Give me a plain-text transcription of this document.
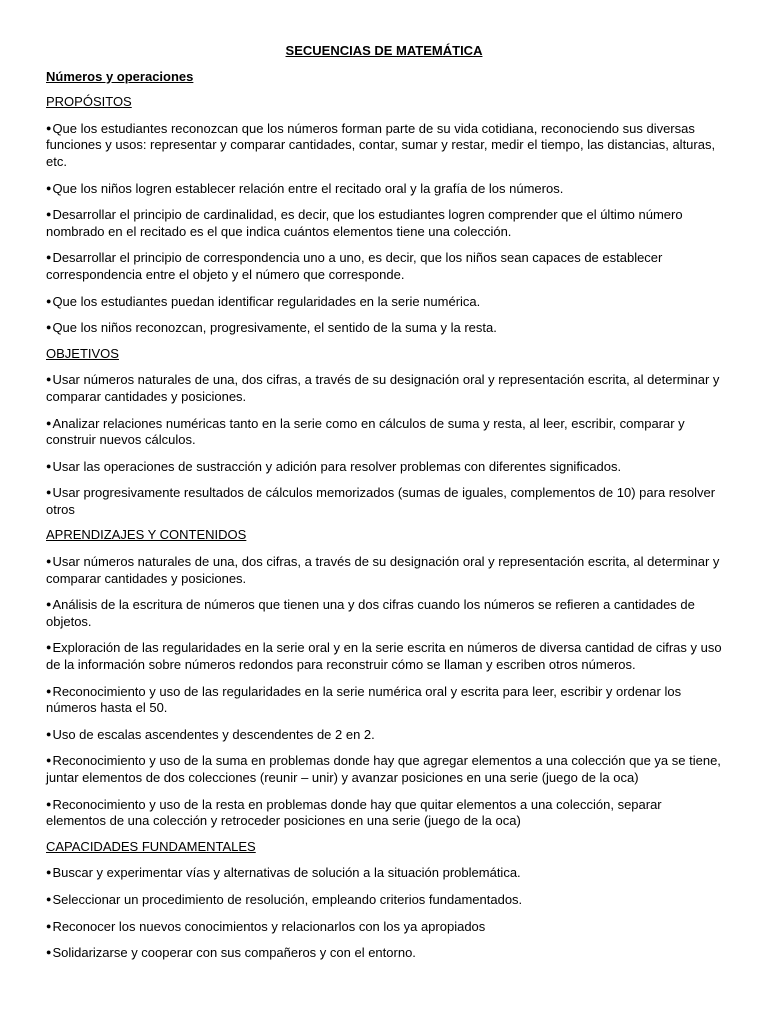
SECUENCIAS DE MATEMÁTICA
Números y operaciones
PROPÓSITOS
●Que los estudiantes reconozcan que los números forman parte de su vida cotidiana, reconociendo sus diversas funciones y usos: representar y comparar cantidades, contar, sumar y restar, medir el tiempo, las distancias, alturas, etc.
●Que los niños logren establecer relación entre el recitado oral y la grafía de los números.
●Desarrollar el principio de cardinalidad, es decir, que los estudiantes logren comprender que el último número nombrado en el recitado es el que indica cuántos elementos tiene una colección.
●Desarrollar el principio de correspondencia uno a uno, es decir, que los niños sean capaces de establecer correspondencia entre el objeto y el número que corresponde.
●Que los estudiantes puedan identificar regularidades en la serie numérica.
●Que los niños reconozcan, progresivamente, el sentido de la suma y la resta.
OBJETIVOS
●Usar números naturales de una, dos cifras, a través de su designación oral y representación escrita, al determinar y comparar cantidades y posiciones.
●Analizar relaciones numéricas tanto en la serie como en cálculos de suma y resta, al leer, escribir, comparar y construir nuevos cálculos.
●Usar las operaciones de sustracción y adición para resolver problemas con diferentes significados.
●Usar progresivamente resultados de cálculos memorizados (sumas de iguales, complementos de 10) para resolver otros
APRENDIZAJES Y CONTENIDOS
●Usar números naturales de una, dos cifras, a través de su designación oral y representación escrita, al determinar y comparar cantidades y posiciones.
●Análisis de la escritura de números que tienen una y dos cifras cuando los números se refieren a cantidades de objetos.
●Exploración de las regularidades en la serie oral y en la serie escrita en números de diversa cantidad de cifras y uso de la información sobre números redondos para reconstruir cómo se llaman y escriben otros números.
●Reconocimiento y uso de las regularidades en la serie numérica oral y escrita para leer, escribir y ordenar los números hasta el 50.
●Uso de escalas ascendentes y descendentes de 2 en 2.
●Reconocimiento y uso de la suma en problemas donde hay que agregar elementos a una colección que ya se tiene, juntar elementos de dos colecciones (reunir – unir) y avanzar posiciones en una serie (juego de la oca)
●Reconocimiento y uso de la resta en problemas donde hay que quitar elementos a una colección, separar elementos de una colección y retroceder posiciones en una serie (juego de la oca)
CAPACIDADES FUNDAMENTALES
●Buscar y experimentar vías y alternativas de solución a la situación problemática.
●Seleccionar un procedimiento de resolución, empleando criterios fundamentados.
●Reconocer los nuevos conocimientos y relacionarlos con los ya apropiados
●Solidarizarse y cooperar con sus compañeros y con el entorno.
